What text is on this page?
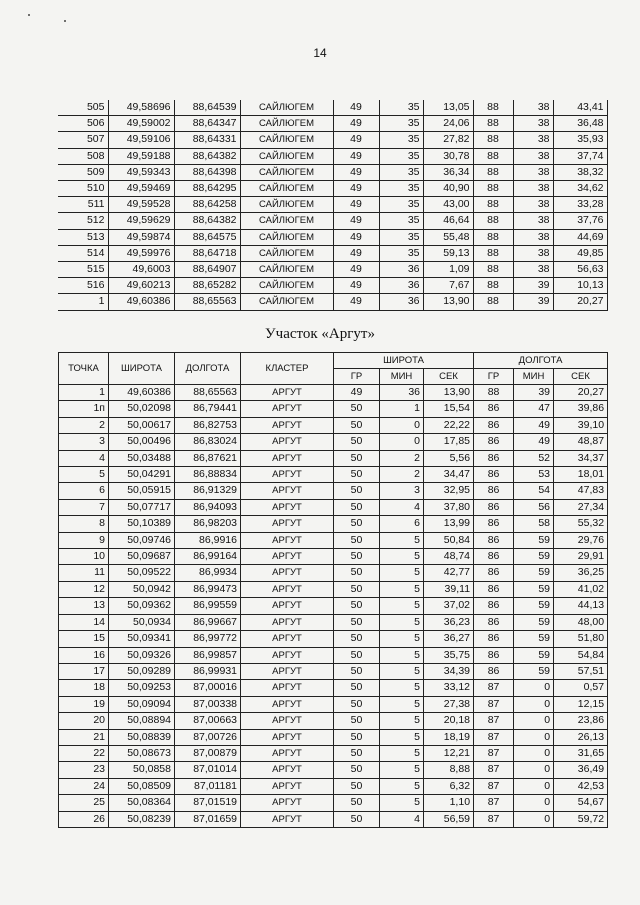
14
505	49,58696	88,64539	САЙЛЮГЕМ	49	35	13,05	88	38	43,41
506	49,59002	88,64347	САЙЛЮГЕМ	49	35	24,06	88	38	36,48
507	49,59106	88,64331	САЙЛЮГЕМ	49	35	27,82	88	38	35,93
508	49,59188	88,64382	САЙЛЮГЕМ	49	35	30,78	88	38	37,74
509	49,59343	88,64398	САЙЛЮГЕМ	49	35	36,34	88	38	38,32
510	49,59469	88,64295	САЙЛЮГЕМ	49	35	40,90	88	38	34,62
511	49,59528	88,64258	САЙЛЮГЕМ	49	35	43,00	88	38	33,28
512	49,59629	88,64382	САЙЛЮГЕМ	49	35	46,64	88	38	37,76
513	49,59874	88,64575	САЙЛЮГЕМ	49	35	55,48	88	38	44,69
514	49,59976	88,64718	САЙЛЮГЕМ	49	35	59,13	88	38	49,85
515	49,6003	88,64907	САЙЛЮГЕМ	49	36	1,09	88	38	56,63
516	49,60213	88,65282	САЙЛЮГЕМ	49	36	7,67	88	39	10,13
1	49,60386	88,65563	САЙЛЮГЕМ	49	36	13,90	88	39	20,27
Участок «Аргут»
ТОЧКА	ШИРОТА	ДОЛГОТА	КЛАСТЕР	ШИРОТА			ДОЛГОТА		
				ГР	МИН	СЕК	ГР	МИН	СЕК
1	49,60386	88,65563	АРГУТ	49	36	13,90	88	39	20,27
1п	50,02098	86,79441	АРГУТ	50	1	15,54	86	47	39,86
2	50,00617	86,82753	АРГУТ	50	0	22,22	86	49	39,10
3	50,00496	86,83024	АРГУТ	50	0	17,85	86	49	48,87
4	50,03488	86,87621	АРГУТ	50	2	5,56	86	52	34,37
5	50,04291	86,88834	АРГУТ	50	2	34,47	86	53	18,01
6	50,05915	86,91329	АРГУТ	50	3	32,95	86	54	47,83
7	50,07717	86,94093	АРГУТ	50	4	37,80	86	56	27,34
8	50,10389	86,98203	АРГУТ	50	6	13,99	86	58	55,32
9	50,09746	86,9916	АРГУТ	50	5	50,84	86	59	29,76
10	50,09687	86,99164	АРГУТ	50	5	48,74	86	59	29,91
11	50,09522	86,9934	АРГУТ	50	5	42,77	86	59	36,25
12	50,0942	86,99473	АРГУТ	50	5	39,11	86	59	41,02
13	50,09362	86,99559	АРГУТ	50	5	37,02	86	59	44,13
14	50,0934	86,99667	АРГУТ	50	5	36,23	86	59	48,00
15	50,09341	86,99772	АРГУТ	50	5	36,27	86	59	51,80
16	50,09326	86,99857	АРГУТ	50	5	35,75	86	59	54,84
17	50,09289	86,99931	АРГУТ	50	5	34,39	86	59	57,51
18	50,09253	87,00016	АРГУТ	50	5	33,12	87	0	0,57
19	50,09094	87,00338	АРГУТ	50	5	27,38	87	0	12,15
20	50,08894	87,00663	АРГУТ	50	5	20,18	87	0	23,86
21	50,08839	87,00726	АРГУТ	50	5	18,19	87	0	26,13
22	50,08673	87,00879	АРГУТ	50	5	12,21	87	0	31,65
23	50,0858	87,01014	АРГУТ	50	5	8,88	87	0	36,49
24	50,08509	87,01181	АРГУТ	50	5	6,32	87	0	42,53
25	50,08364	87,01519	АРГУТ	50	5	1,10	87	0	54,67
26	50,08239	87,01659	АРГУТ	50	4	56,59	87	0	59,72
